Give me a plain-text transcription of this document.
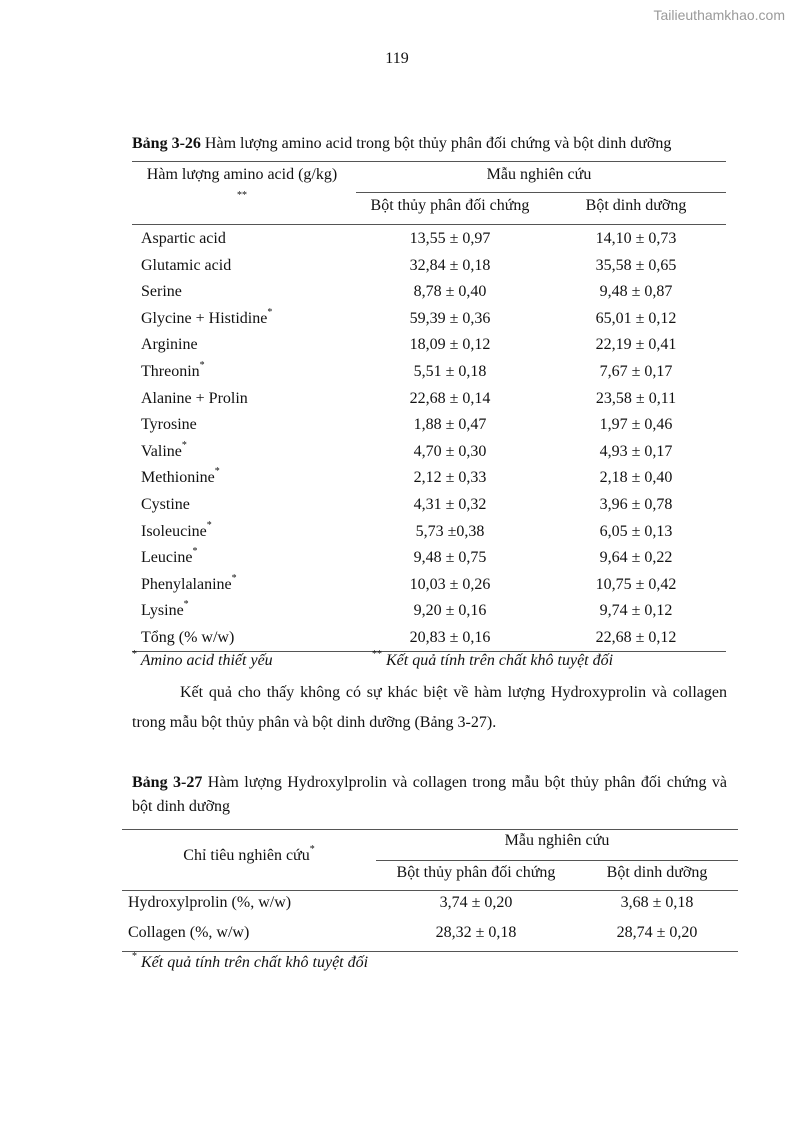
Tailieuthamkhao.com
119
Bảng 3-26 Hàm lượng amino acid trong bột thủy phân đối chứng và bột dinh dưỡng
Hàm lượng amino acid (g/kg)
**
Mẫu nghiên cứu
Bột thủy phân đối chứng	Bột dinh dưỡng
Aspartic acid	13,55 ± 0,97	14,10 ± 0,73
Glutamic acid	32,84 ± 0,18	35,58 ± 0,65
Serine	8,78 ± 0,40	9,48 ± 0,87
Glycine + Histidine*	59,39 ± 0,36	65,01 ± 0,12
Arginine	18,09 ± 0,12	22,19 ± 0,41
Threonin*	5,51 ± 0,18	7,67 ± 0,17
Alanine + Prolin	22,68 ± 0,14	23,58 ± 0,11
Tyrosine	1,88 ± 0,47	1,97 ± 0,46
Valine*	4,70 ± 0,30	4,93 ± 0,17
Methionine*	2,12 ± 0,33	2,18 ± 0,40
Cystine	4,31 ± 0,32	3,96 ± 0,78
Isoleucine*	5,73 ±0,38	6,05 ± 0,13
Leucine*	9,48 ± 0,75	9,64 ± 0,22
Phenylalanine*	10,03 ± 0,26	10,75 ± 0,42
Lysine*	9,20 ± 0,16	9,74 ± 0,12
Tổng (% w/w)	20,83 ± 0,16	22,68 ± 0,12
* Amino acid thiết yếu	** Kết quả tính trên chất khô tuyệt đối
Kết quả cho thấy không có sự khác biệt về hàm lượng Hydroxyprolin và collagen trong mẫu bột thủy phân và bột dinh dưỡng (Bảng 3-27).
Bảng 3-27 Hàm lượng Hydroxylprolin và collagen trong mẫu bột thủy phân đối chứng và bột dinh dưỡng
Chỉ tiêu nghiên cứu*
Mẫu nghiên cứu
Bột thủy phân đối chứng	Bột dinh dưỡng
Hydroxylprolin (%, w/w)	3,74 ± 0,20	3,68 ± 0,18
Collagen (%, w/w)	28,32 ± 0,18	28,74 ± 0,20
* Kết quả tính trên chất khô tuyệt đối
